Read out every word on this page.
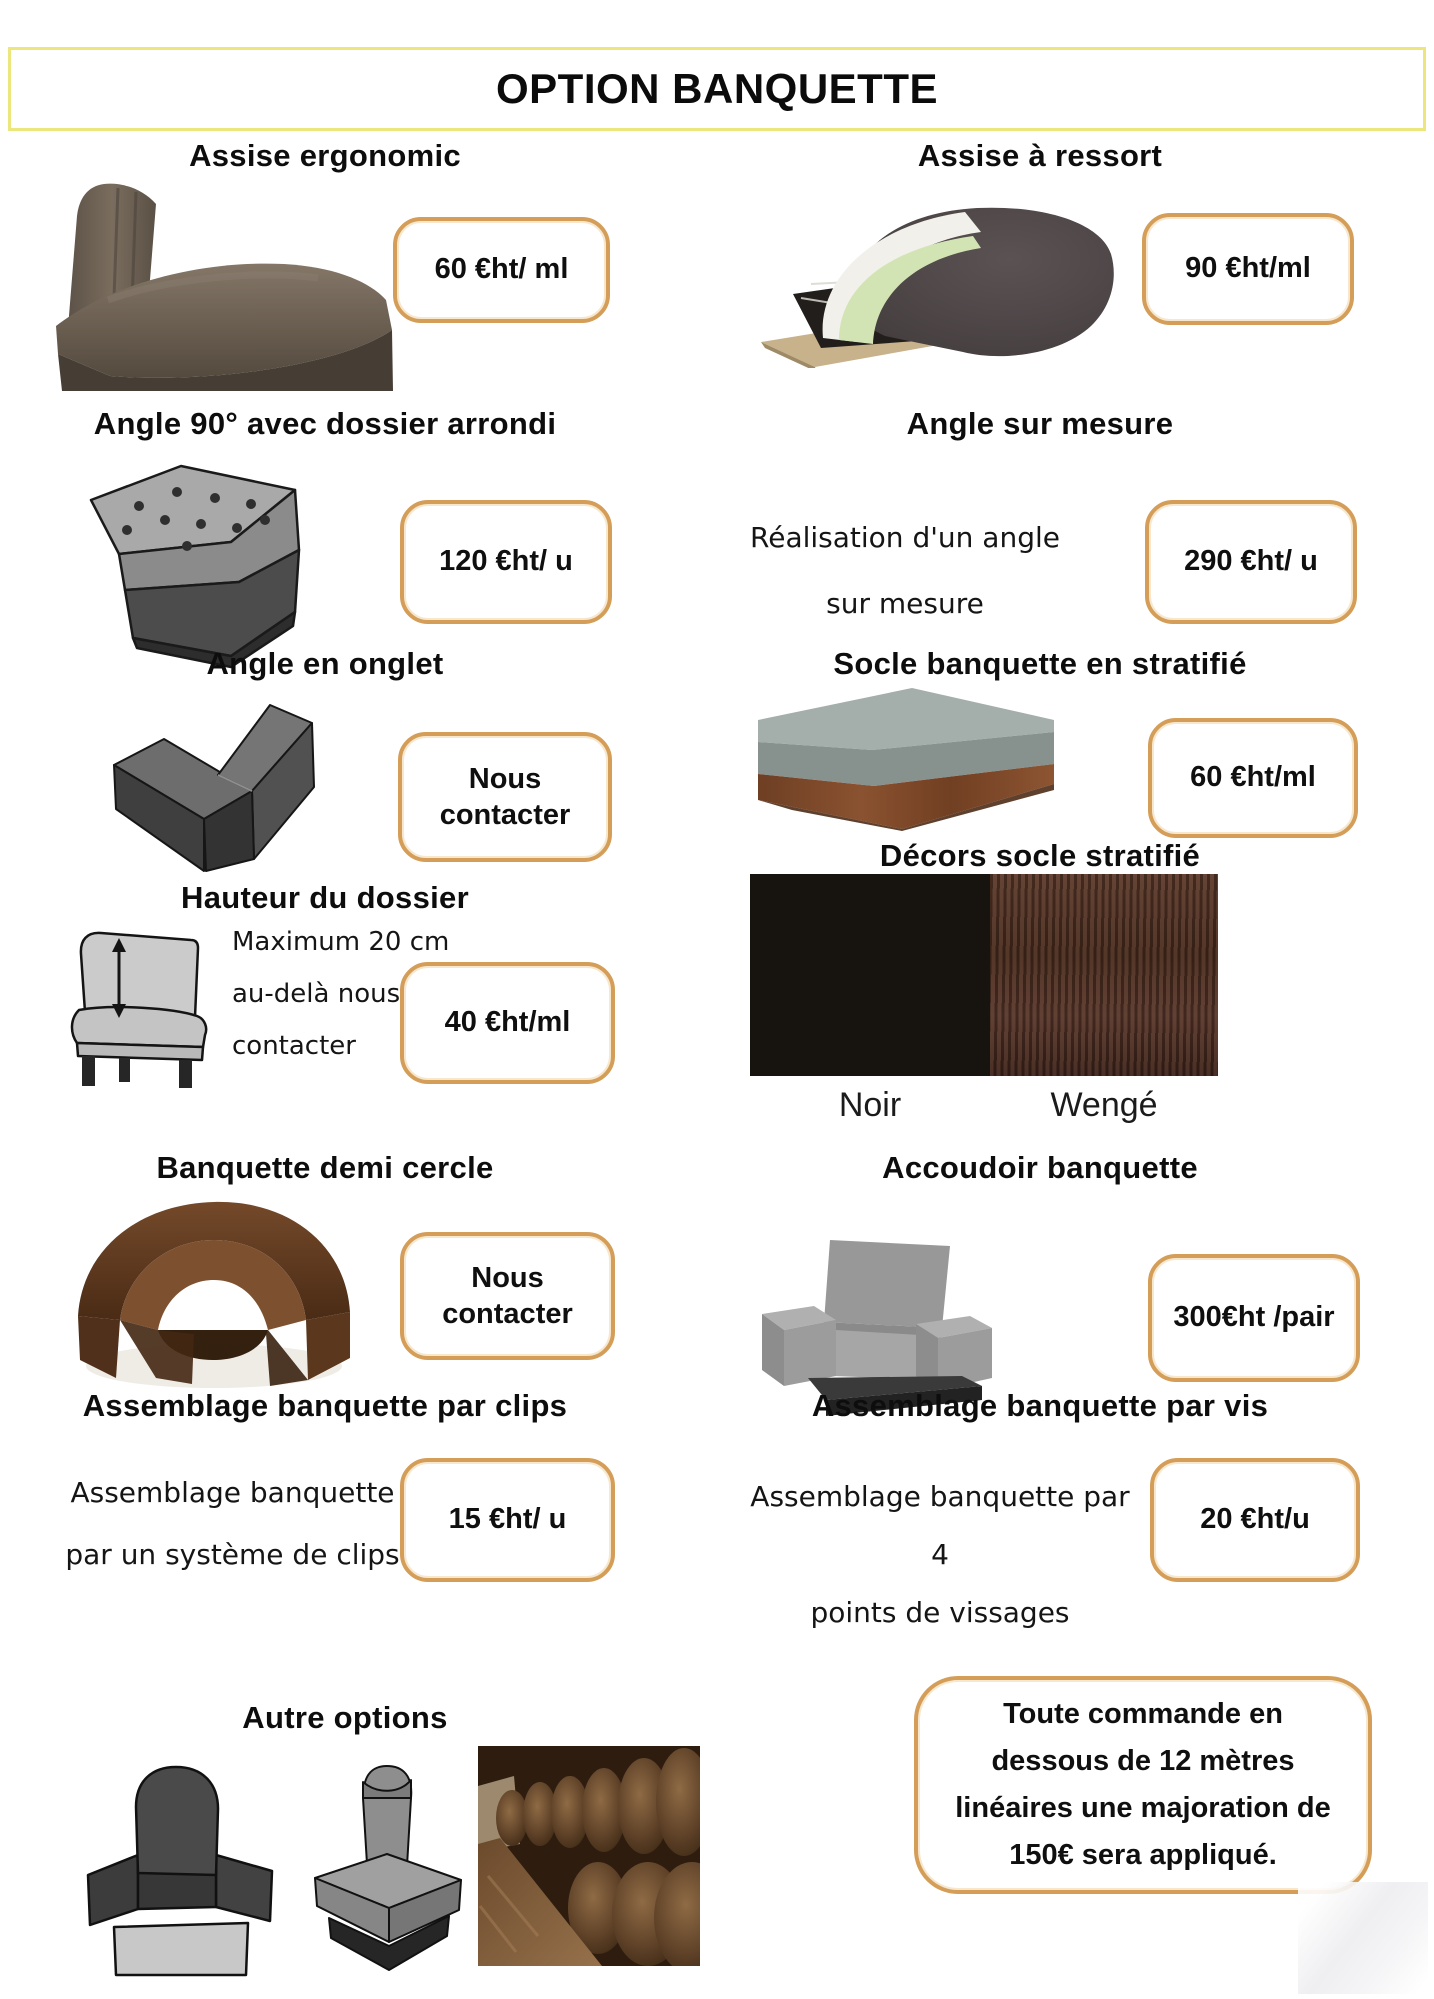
OPTION BANQUETTE
Assise ergonomic	Assise à ressort
60 €ht/ ml	90 €ht/ml
Angle 90° avec dossier arrondi	Angle sur mesure
120 €ht/ u
Réalisation d'un angle
sur mesure
290 €ht/ u
Angle en onglet	Socle banquette en stratifié
Nous
contacter
60 €ht/ml
Décors socle stratifié
Noir	Wengé
Hauteur du dossier
Maximum 20 cm
au-delà nous
contacter
40 €ht/ml
Banquette demi cercle	Accoudoir banquette
Nous
contacter	300€ht /pair
Assemblage banquette par clips	Assemblage banquette par vis
Assemblage banquette
par un système de clips
15 €ht/ u
Assemblage banquette par 4
points de vissages
20 €ht/u
Autre options	Toute commande en
dessous de 12 mètres
linéaires une majoration de
150€ sera appliqué.
